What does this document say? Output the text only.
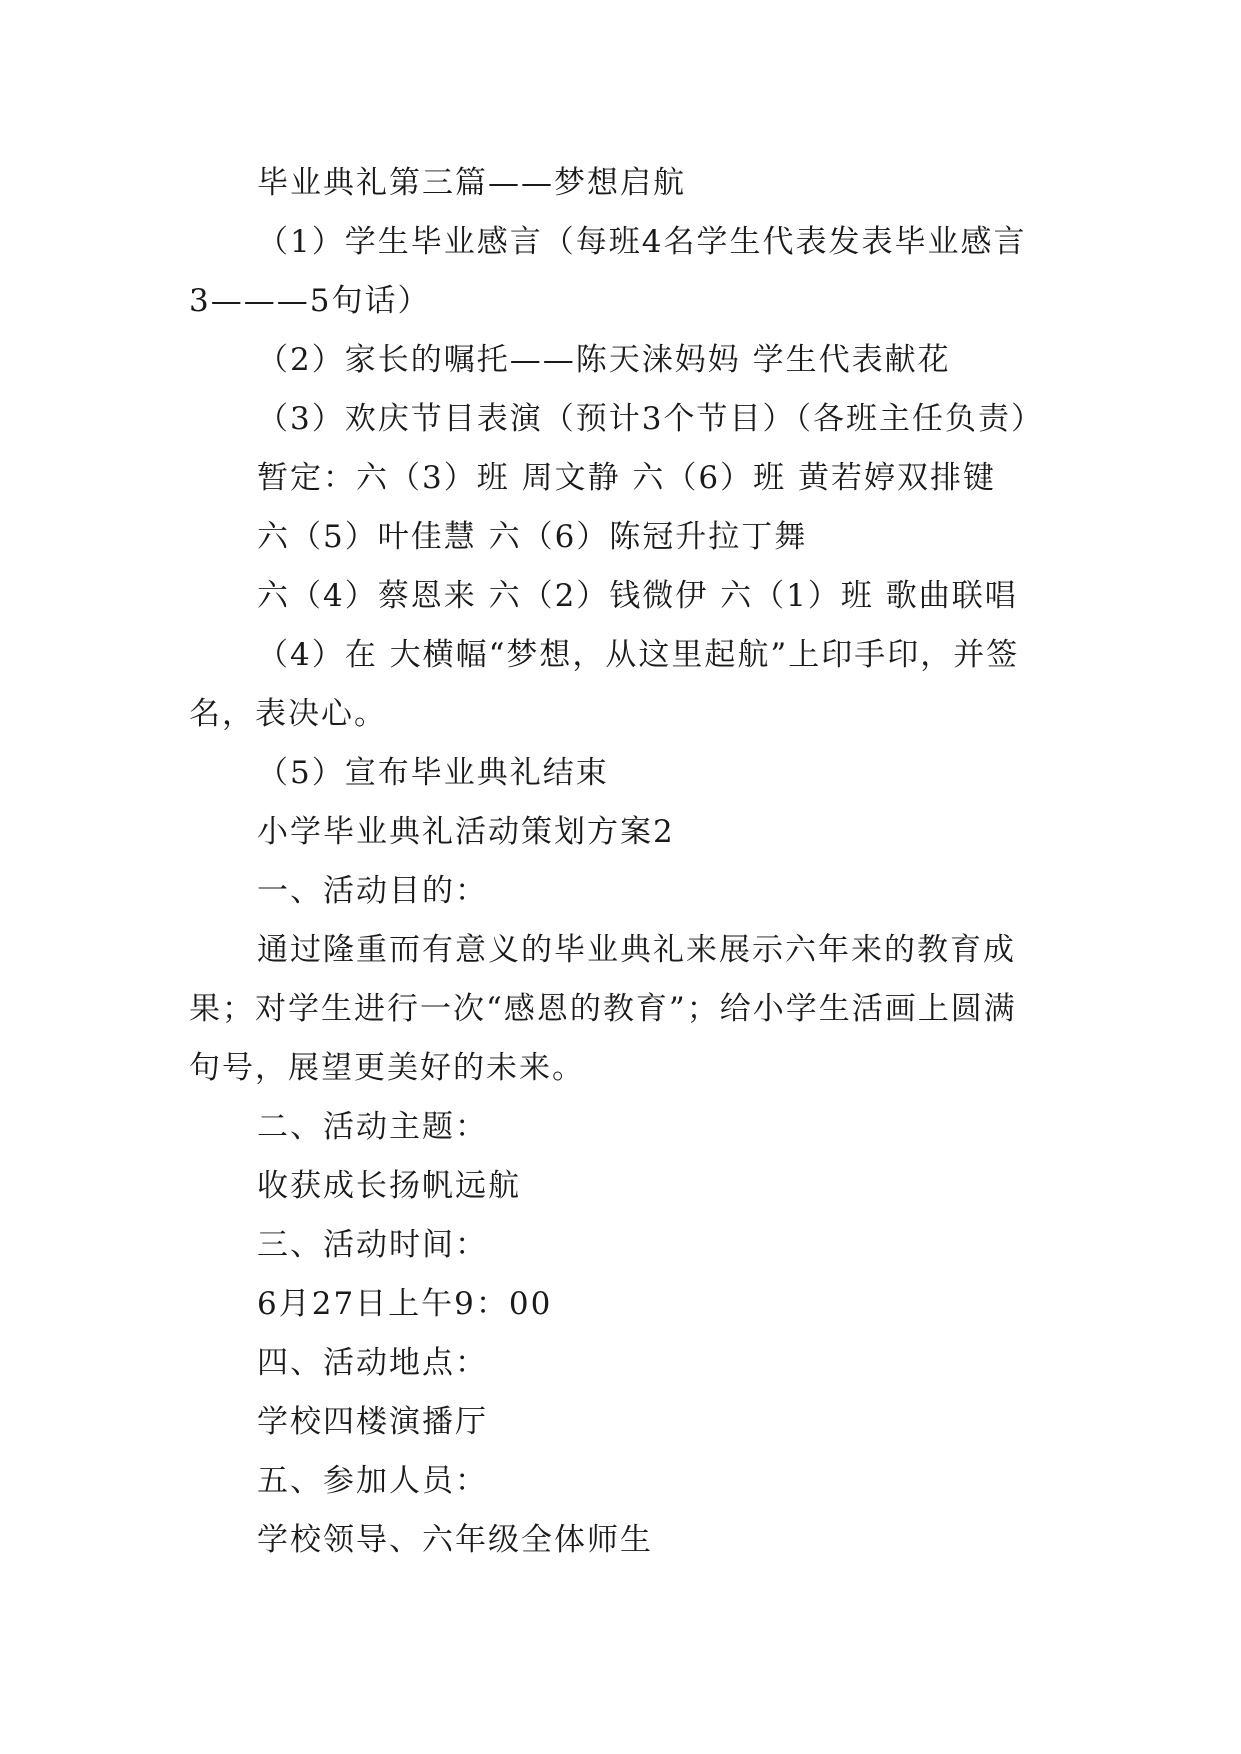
毕业典礼第三篇——梦想启航
（1）学生毕业感言（每班4名学生代表发表毕业感言
3———5句话）
（2）家长的嘱托——陈天涞妈妈 学生代表献花
（3）欢庆节目表演（预计3个节目）（各班主任负责）
暂定：六（3）班 周文静 六（6）班 黄若婷双排键
六（5）叶佳慧 六（6）陈冠升拉丁舞
六（4）蔡恩来 六（2）钱微伊 六（1）班 歌曲联唱
（4）在 大横幅“梦想，从这里起航”上印手印，并签
名，表决心。
（5）宣布毕业典礼结束
小学毕业典礼活动策划方案2
一、活动目的：
通过隆重而有意义的毕业典礼来展示六年来的教育成
果；对学生进行一次“感恩的教育”；给小学生活画上圆满
句号，展望更美好的未来。
二、活动主题：
收获成长扬帆远航
三、活动时间：
6月27日上午9：00
四、活动地点：
学校四楼演播厅
五、参加人员：
学校领导、六年级全体师生
